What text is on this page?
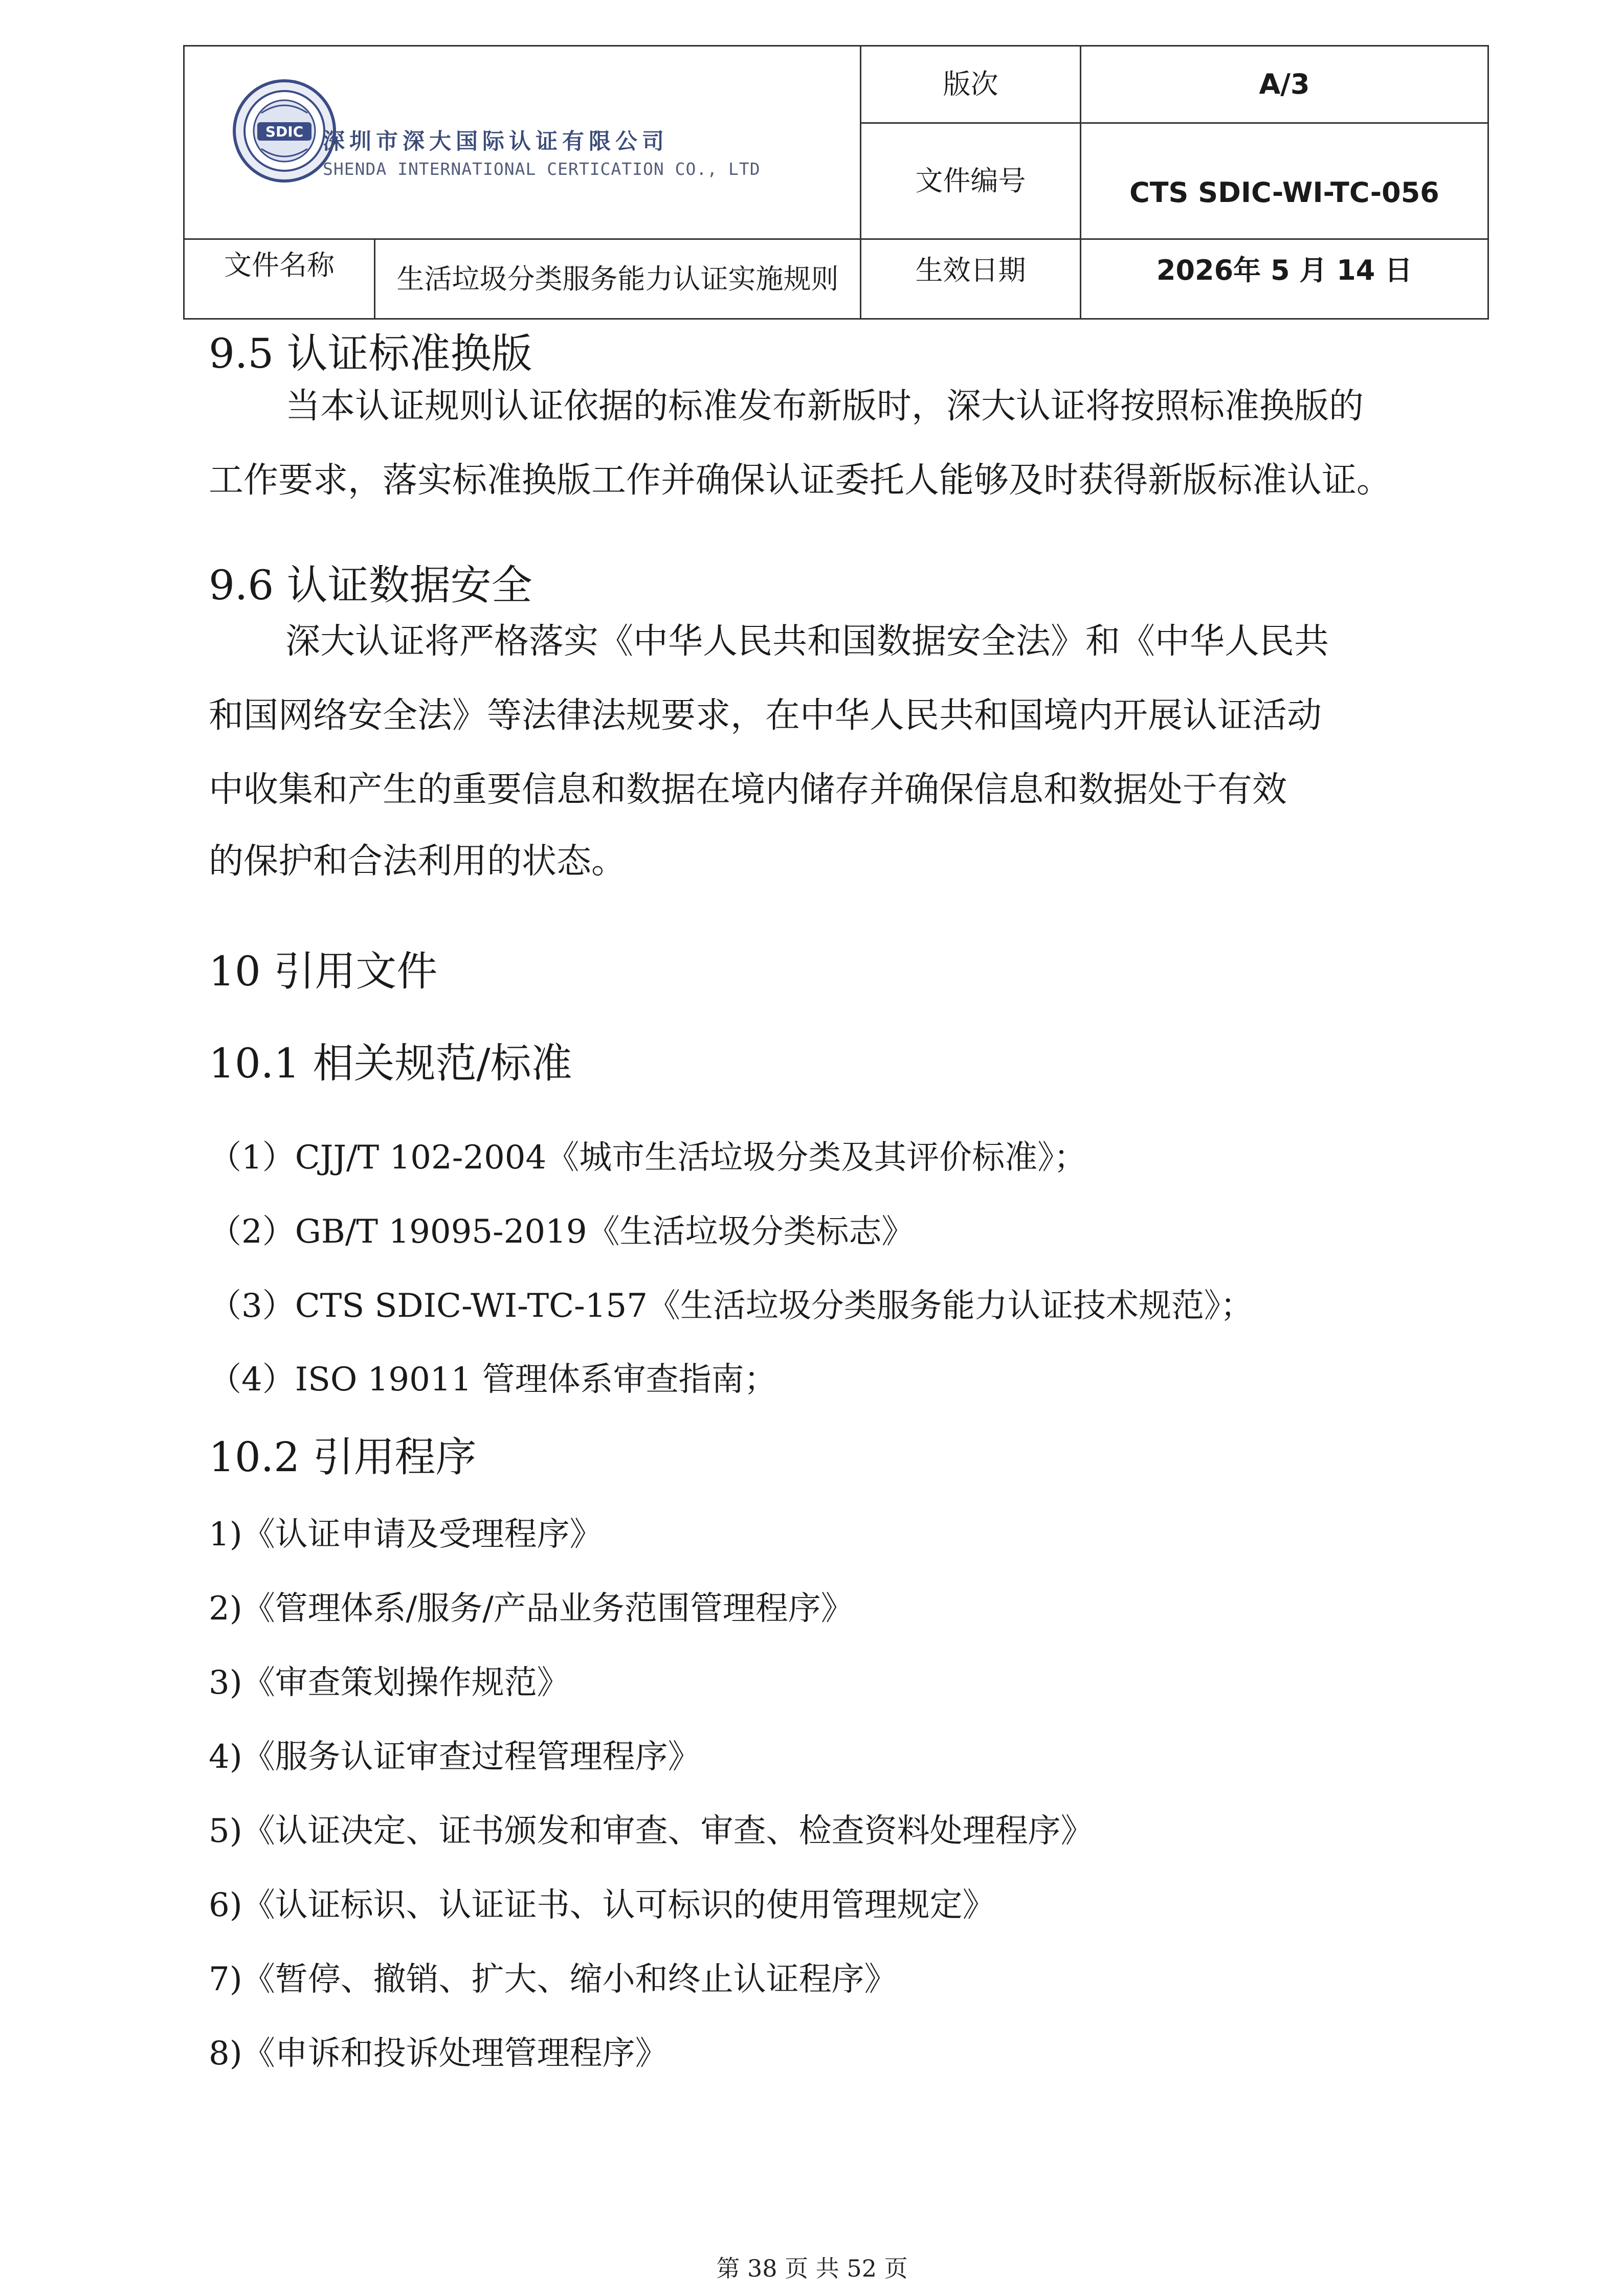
SDIC 深圳市深大国际认证有限公司
SHENDA INTERNATIONAL CERTICATION CO., LTD
版次	A/3
文件编号	CTS SDIC-WI-TC-056
文件名称	生活垃圾分类服务能力认证实施规则	生效日期	2026年 5 月 14 日
9.5 认证标准换版
当本认证规则认证依据的标准发布新版时，深大认证将按照标准换版的
工作要求，落实标准换版工作并确保认证委托人能够及时获得新版标准认证。
9.6 认证数据安全
深大认证将严格落实《中华人民共和国数据安全法》和《中华人民共
和国网络安全法》等法律法规要求，在中华人民共和国境内开展认证活动
中收集和产生的重要信息和数据在境内储存并确保信息和数据处于有效
的保护和合法利用的状态。
10 引用文件
10.1 相关规范/标准
（1）CJJ/T 102-2004《城市生活垃圾分类及其评价标准》；
（2）GB/T 19095-2019《生活垃圾分类标志》
（3）CTS SDIC-WI-TC-157《生活垃圾分类服务能力认证技术规范》；
（4）ISO 19011 管理体系审查指南；
10.2 引用程序
1)《认证申请及受理程序》
2)《管理体系/服务/产品业务范围管理程序》
3)《审查策划操作规范》
4)《服务认证审查过程管理程序》
5)《认证决定、证书颁发和审查、审查、检查资料处理程序》
6)《认证标识、认证证书、认可标识的使用管理规定》
7)《暂停、撤销、扩大、缩小和终止认证程序》
8)《申诉和投诉处理管理程序》
第 38 页 共 52 页
